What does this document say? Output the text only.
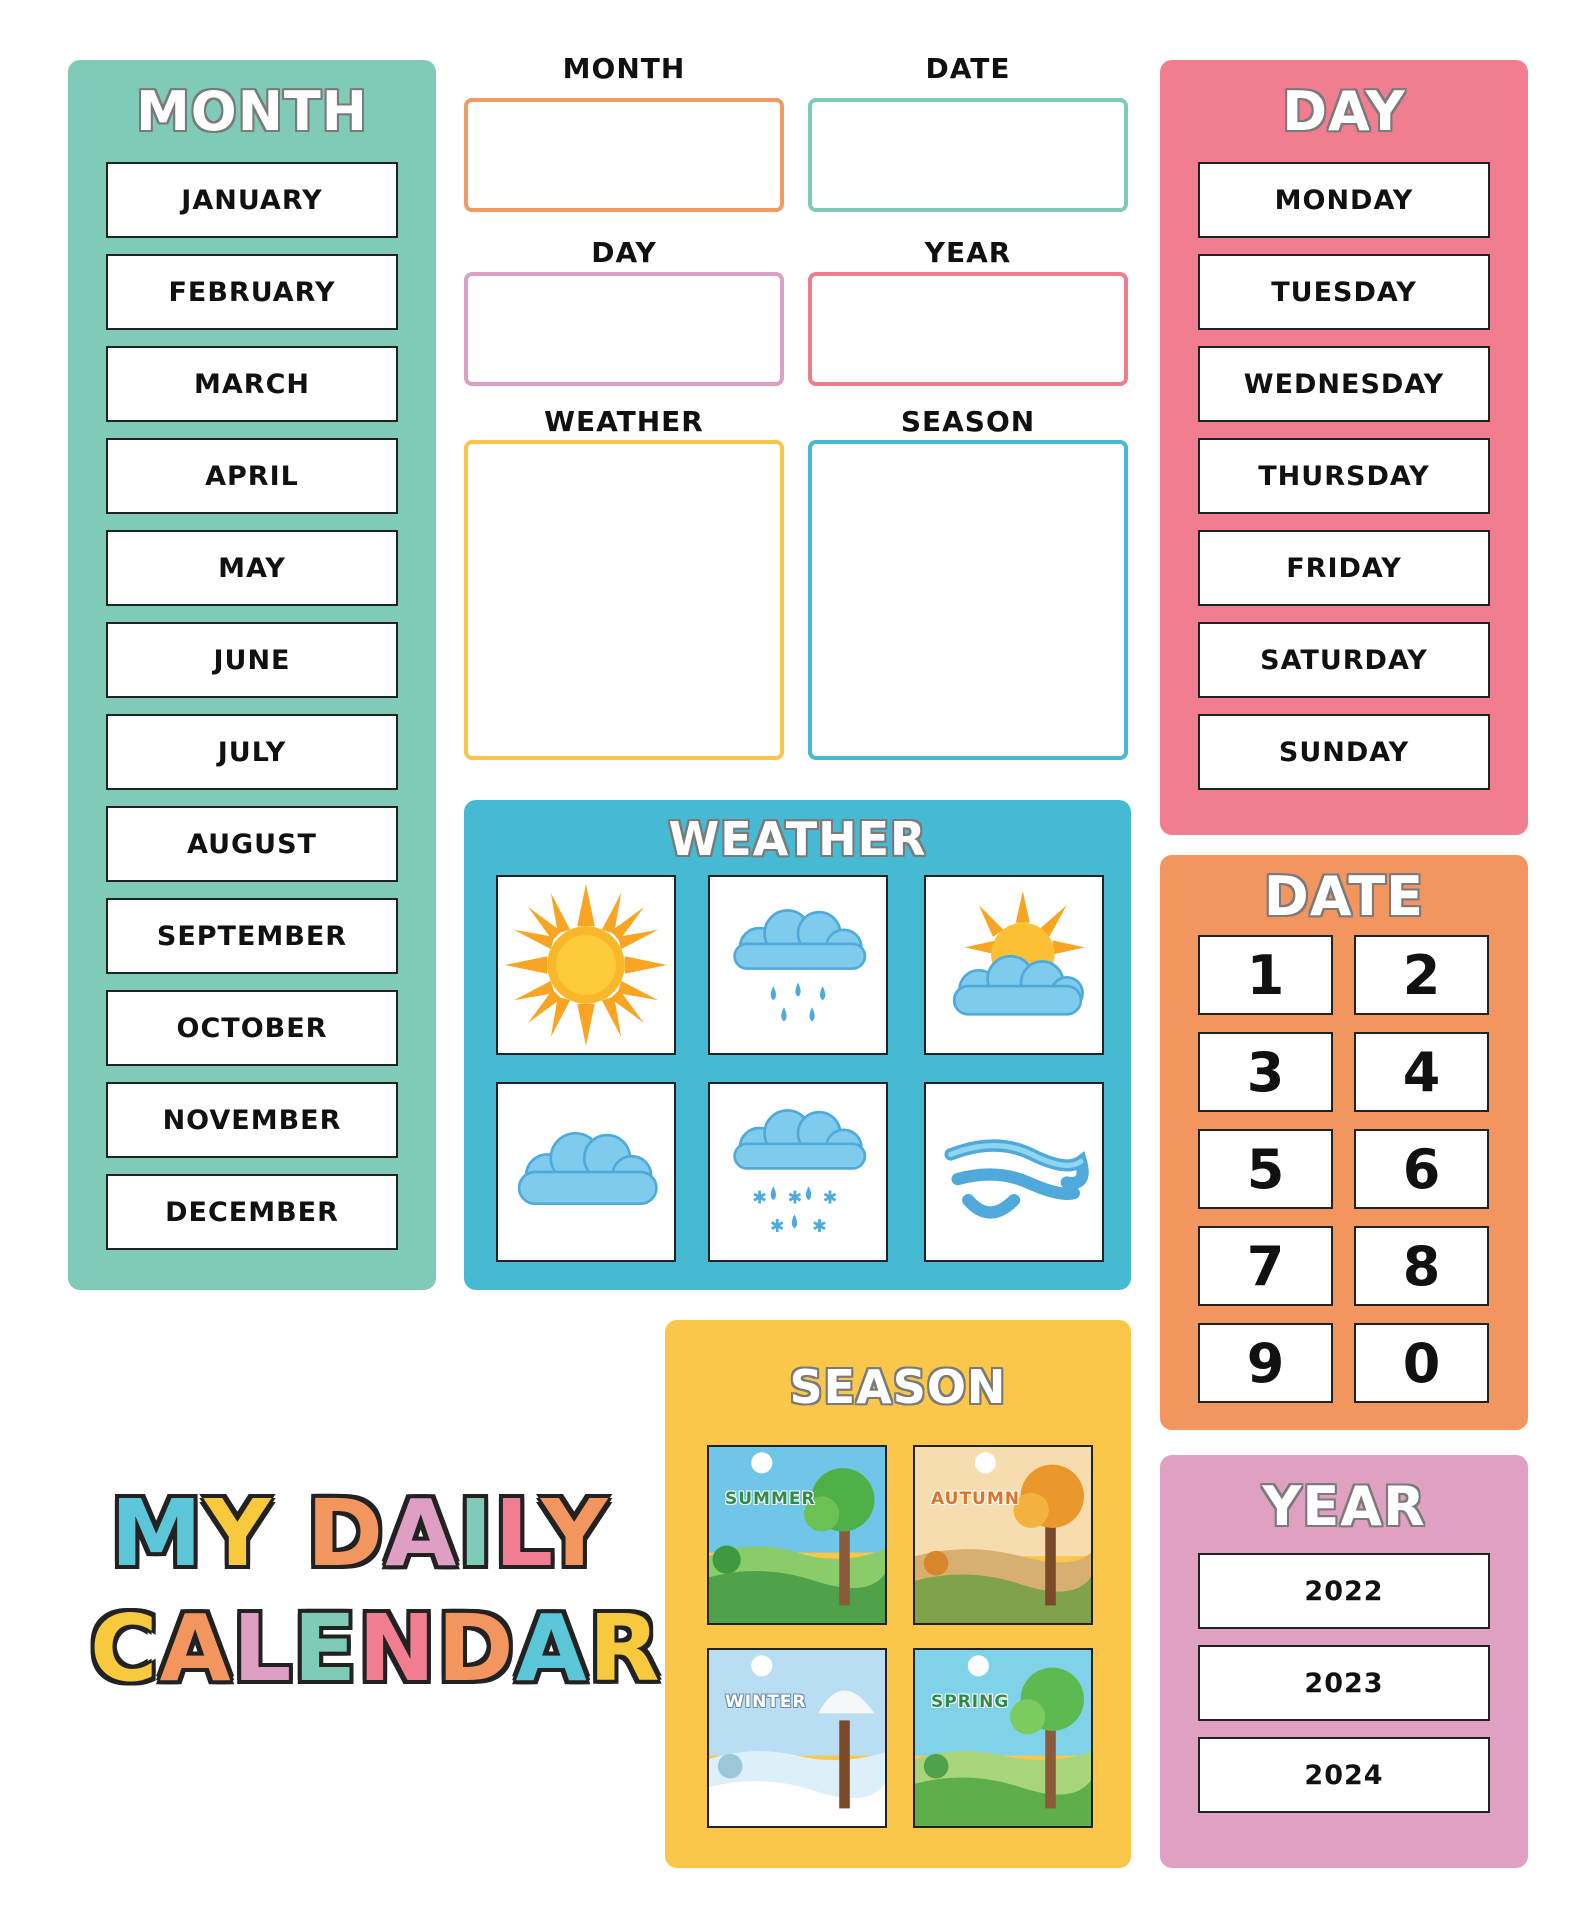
MONTH
JANUARY
FEBRUARY
MARCH
APRIL
MAY
JUNE
JULY
AUGUST
SEPTEMBER
OCTOBER
NOVEMBER
DECEMBER
MONTH	DATE
DAY	YEAR
WEATHER	SEASON
DAY
MONDAY
TUESDAY
WEDNESDAY
THURSDAY
FRIDAY
SATURDAY
SUNDAY
WEATHER
✱ ✱ ✱
✱	✱
DATE
1	2
3	4
5	6
7	8
9	0
SEASON
SUMMER	AUTUMN
WINTER	SPRING
YEAR
2022
2023
2024
MY DAILY
CALENDAR
